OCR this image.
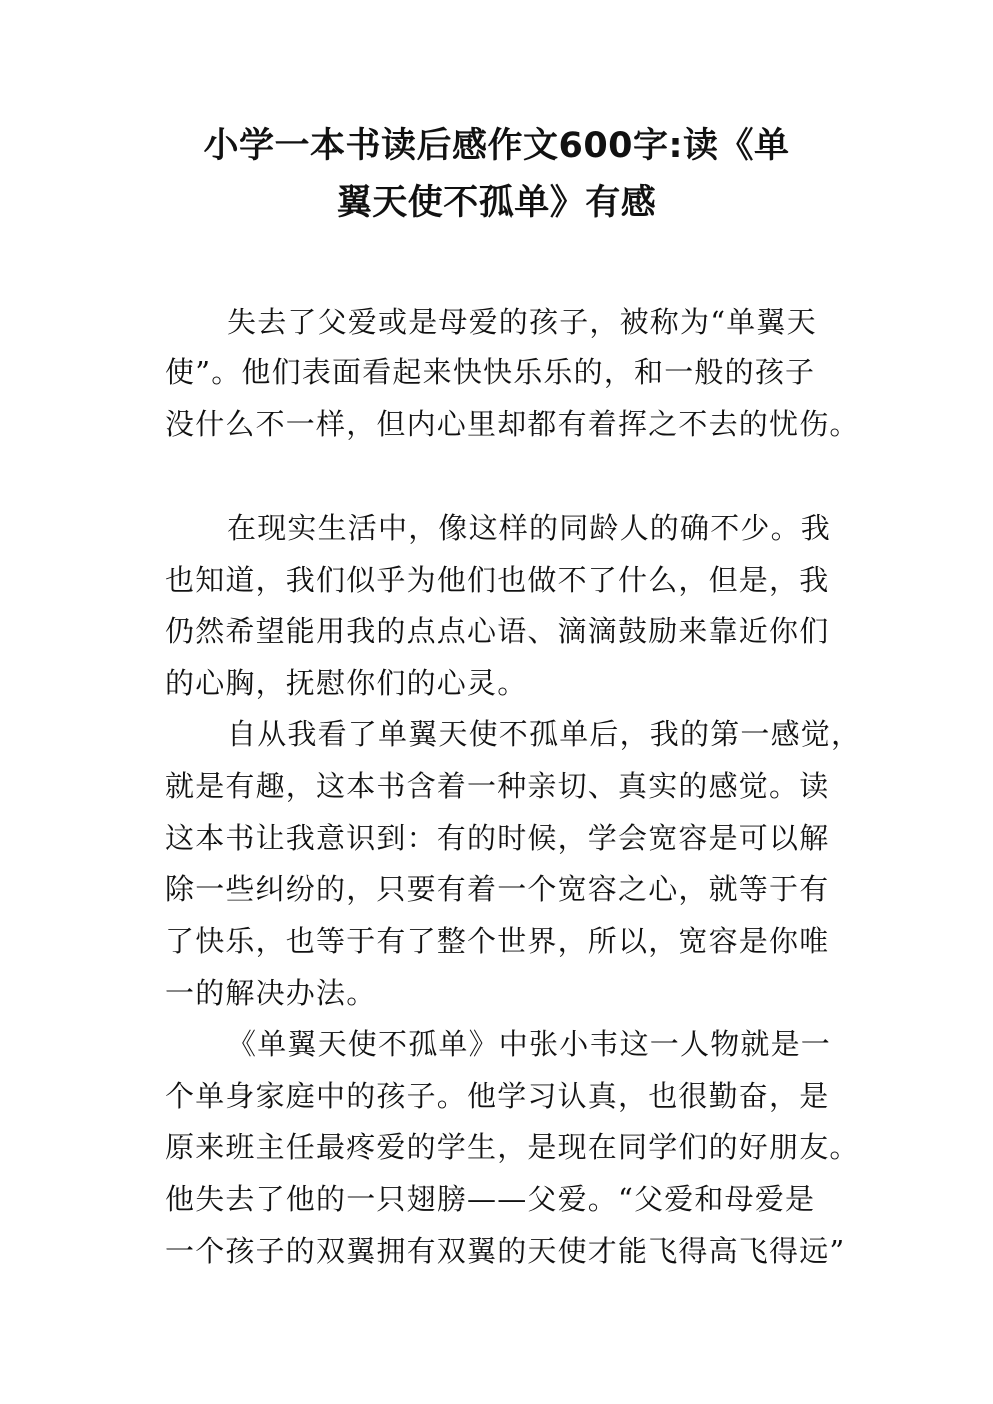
小学一本书读后感作文600字:读《单
翼天使不孤单》有感
失去了父爱或是母爱的孩子，被称为“单翼天
使”。他们表面看起来快快乐乐的，和一般的孩子
没什么不一样，但内心里却都有着挥之不去的忧伤。
在现实生活中，像这样的同龄人的确不少。我
也知道，我们似乎为他们也做不了什么，但是，我
仍然希望能用我的点点心语、滴滴鼓励来靠近你们
的心胸，抚慰你们的心灵。
自从我看了单翼天使不孤单后，我的第一感觉，
就是有趣，这本书含着一种亲切、真实的感觉。读
这本书让我意识到：有的时候，学会宽容是可以解
除一些纠纷的，只要有着一个宽容之心，就等于有
了快乐，也等于有了整个世界，所以，宽容是你唯
一的解决办法。
《单翼天使不孤单》中张小韦这一人物就是一
个单身家庭中的孩子。他学习认真，也很勤奋，是
原来班主任最疼爱的学生，是现在同学们的好朋友。
他失去了他的一只翅膀——父爱。“父爱和母爱是
一个孩子的双翼拥有双翼的天使才能飞得高飞得远”
